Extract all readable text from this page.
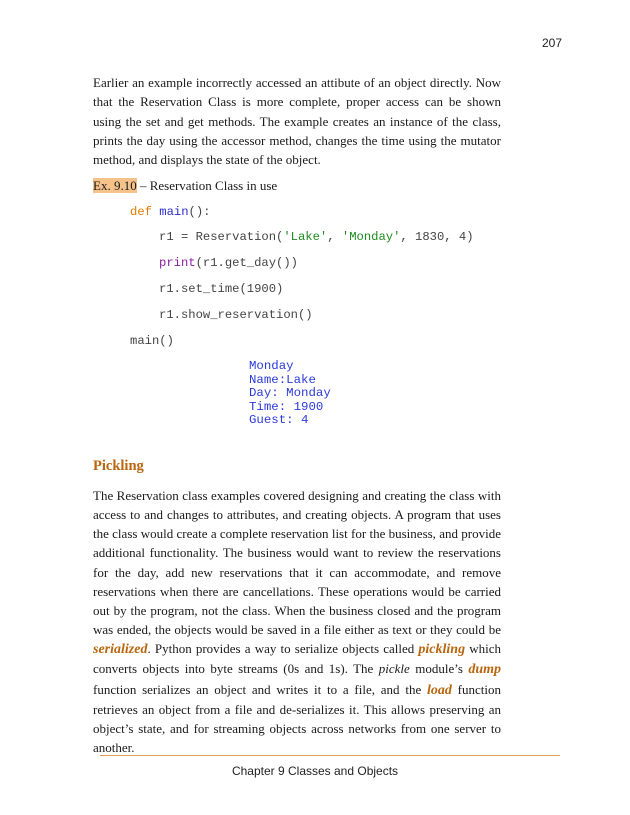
207

Earlier an example incorrectly accessed an attibute of an object directly. Now that the Reservation Class is more complete, proper access can be shown using the set and get methods. The example creates an instance of the class, prints the day using the accessor method, changes the time using the mutator method, and displays the state of the object.

Ex. 9.10 – Reservation Class in use
def main():
r1 = Reservation('Lake', 'Monday', 1830, 4)
print(r1.get_day())
r1.set_time(1900)
r1.show_reservation()
main()
Monday
Name:Lake
Day: Monday
Time: 1900
Guest: 4
Pickling

The Reservation class examples covered designing and creating the class with access to and changes to attributes, and creating objects. A program that uses the class would create a complete reservation list for the business, and provide additional functionality. The business would want to review the reservations for the day, add new reservations that it can accommodate, and remove reservations when there are cancellations. These operations would be carried out by the program, not the class. When the business closed and the program was ended, the objects would be saved in a file either as text or they could be serialized. Python provides a way to serialize objects called pickling which converts objects into byte streams (0s and 1s). The pickle module’s dump function serializes an object and writes it to a file, and the load function retrieves an object from a file and de-serializes it. This allows preserving an object’s state, and for streaming objects across networks from one server to another.

Chapter 9 Classes and Objects
